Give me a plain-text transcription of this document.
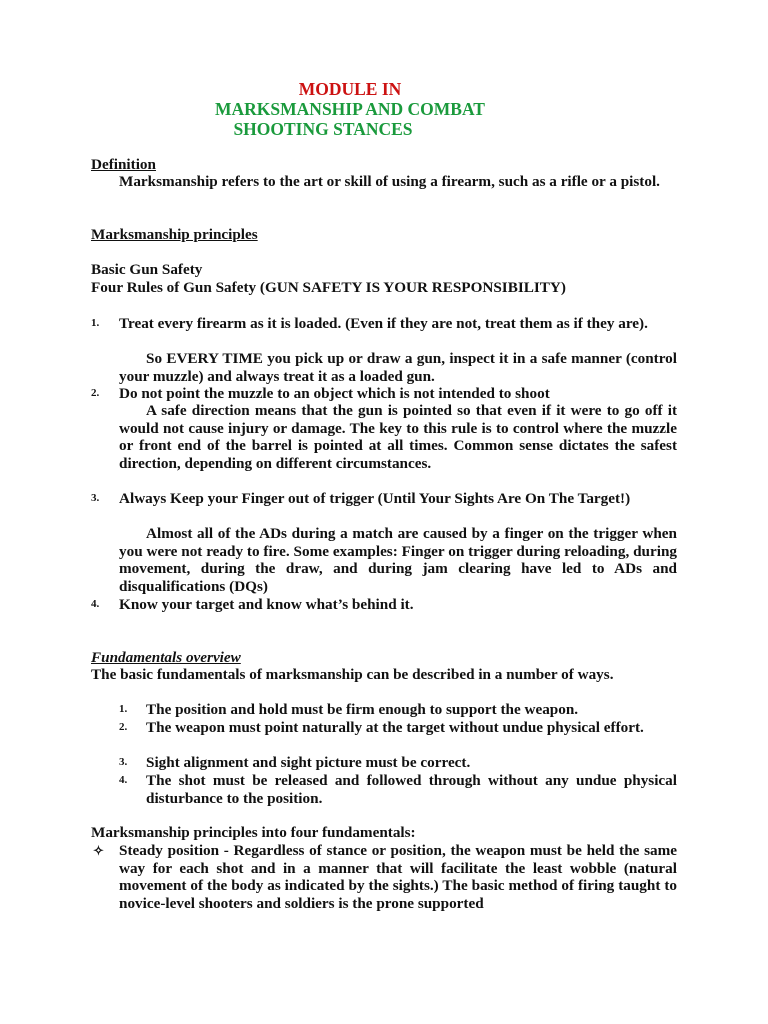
MODULE IN
MARKSMANSHIP AND COMBAT
SHOOTING STANCES
Definition
Marksmanship refers to the art or skill of using a firearm, such as a rifle or a pistol.
Marksmanship principles
Basic Gun Safety
Four Rules of Gun Safety (GUN SAFETY IS YOUR RESPONSIBILITY)
1. Treat every firearm as it is loaded. (Even if they are not, treat them as if they are).
So EVERY TIME you pick up or draw a gun, inspect it in a safe manner (control your muzzle) and always treat it as a loaded gun.
2. Do not point the muzzle to an object which is not intended to shoot
A safe direction means that the gun is pointed so that even if it were to go off it would not cause injury or damage. The key to this rule is to control where the muzzle or front end of the barrel is pointed at all times. Common sense dictates the safest direction, depending on different circumstances.
3. Always Keep your Finger out of trigger (Until Your Sights Are On The Target!)
Almost all of the ADs during a match are caused by a finger on the trigger when you were not ready to fire. Some examples: Finger on trigger during reloading, during movement, during the draw, and during jam clearing have led to ADs and disqualifications (DQs)
4. Know your target and know what’s behind it.
Fundamentals overview
The basic fundamentals of marksmanship can be described in a number of ways.
1. The position and hold must be firm enough to support the weapon.
2. The weapon must point naturally at the target without undue physical effort.
3. Sight alignment and sight picture must be correct.
4. The shot must be released and followed through without any undue physical disturbance to the position.
Marksmanship principles into four fundamentals:
✧ Steady position - Regardless of stance or position, the weapon must be held the same way for each shot and in a manner that will facilitate the least wobble (natural movement of the body as indicated by the sights.) The basic method of firing taught to novice-level shooters and soldiers is the prone supported
